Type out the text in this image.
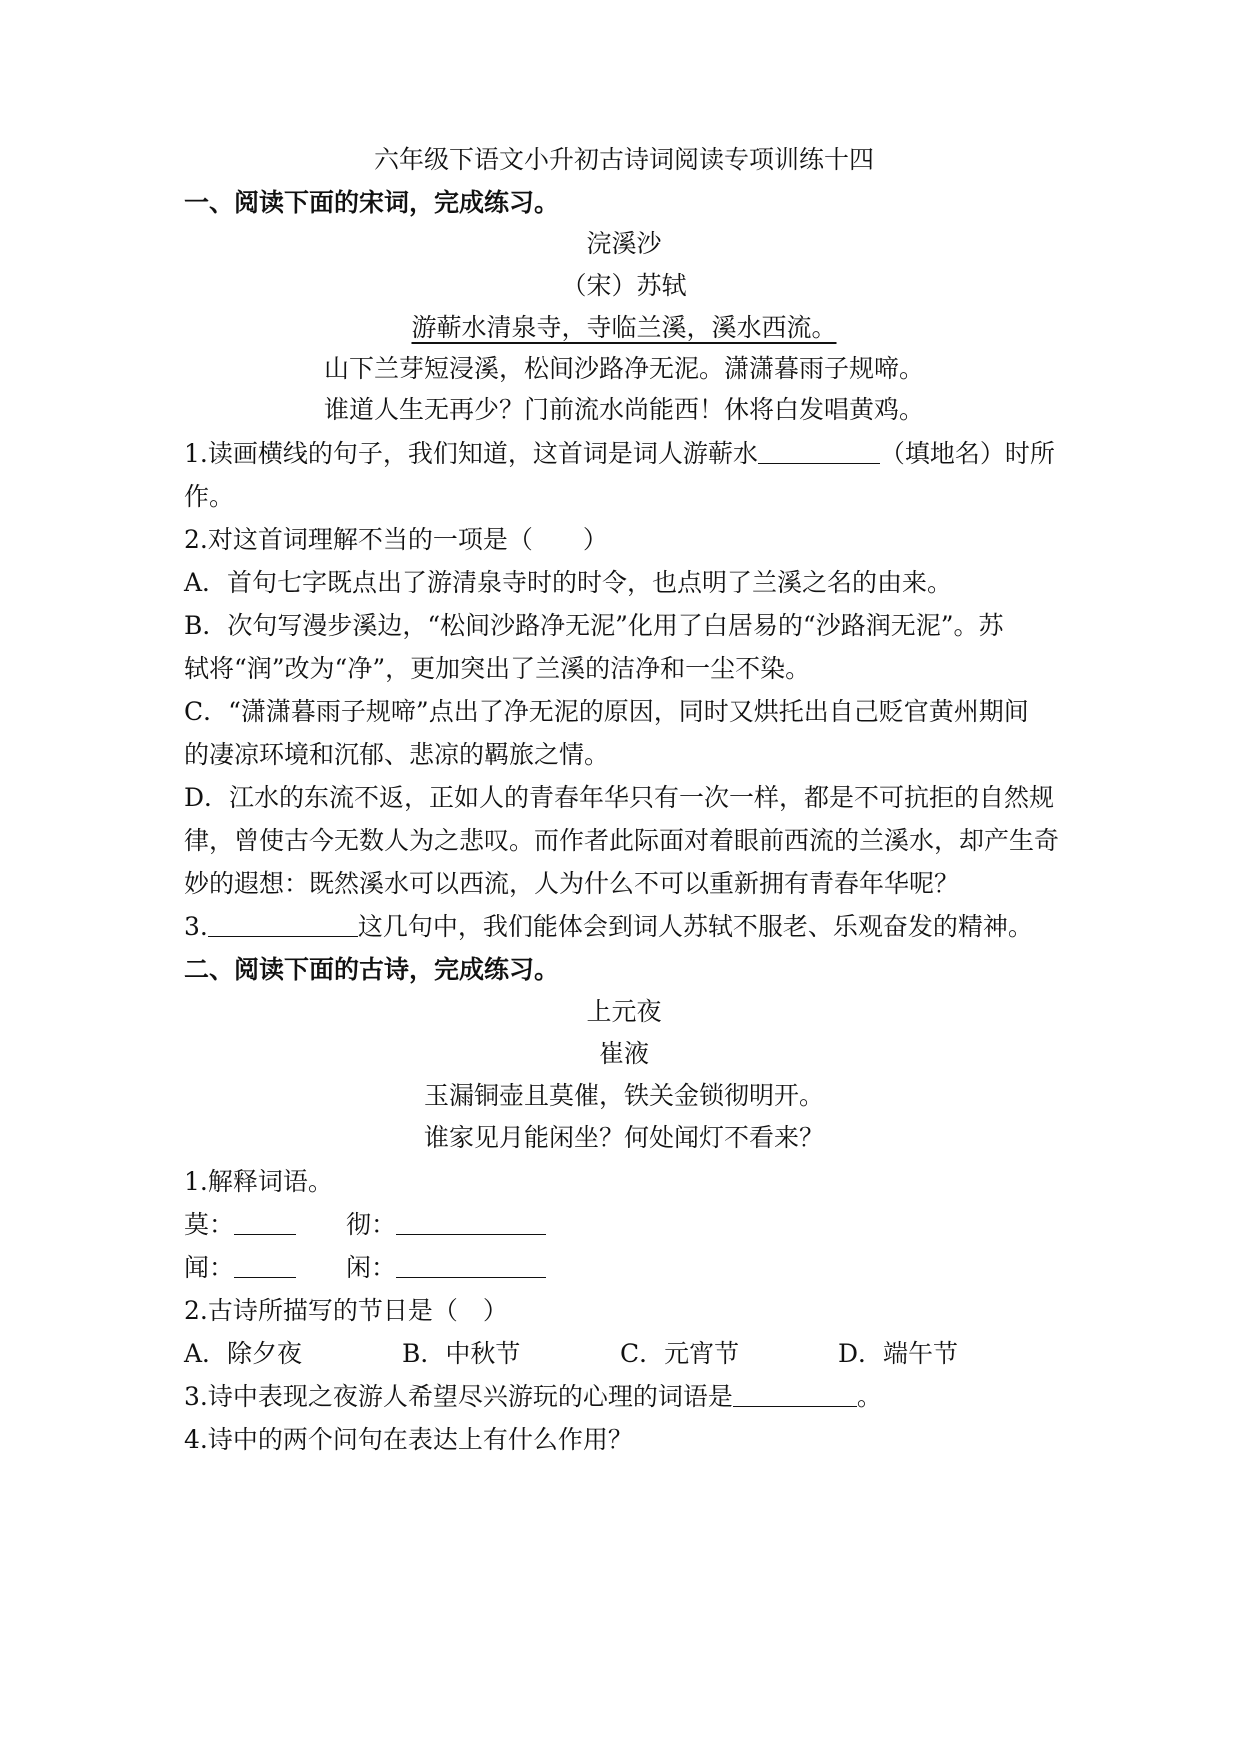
六年级下语文小升初古诗词阅读专项训练十四
一、阅读下面的宋词，完成练习。
浣溪沙
（宋）苏轼
游蕲水清泉寺，寺临兰溪，溪水西流。
山下兰芽短浸溪，松间沙路净无泥。潇潇暮雨子规啼。
谁道人生无再少？门前流水尚能西！休将白发唱黄鸡。
1.读画横线的句子，我们知道，这首词是词人游蕲水	（填地名）时所
作。
2.对这首词理解不当的一项是（　　）
A．首句七字既点出了游清泉寺时的时令，也点明了兰溪之名的由来。
B．次句写漫步溪边，“松间沙路净无泥”化用了白居易的“沙路润无泥”。苏
轼将“润”改为“净”，更加突出了兰溪的洁净和一尘不染。
C．“潇潇暮雨子规啼”点出了净无泥的原因，同时又烘托出自己贬官黄州期间
的凄凉环境和沉郁、悲凉的羁旅之情。
D．江水的东流不返，正如人的青春年华只有一次一样，都是不可抗拒的自然规
律，曾使古今无数人为之悲叹。而作者此际面对着眼前西流的兰溪水，却产生奇
妙的遐想：既然溪水可以西流，人为什么不可以重新拥有青春年华呢？
3.	这几句中，我们能体会到词人苏轼不服老、乐观奋发的精神。
二、阅读下面的古诗，完成练习。
上元夜
崔液
玉漏铜壶且莫催，铁关金锁彻明开。
谁家见月能闲坐？何处闻灯不看来？
1.解释词语。
莫：	彻：
闻：	闲：
2.古诗所描写的节日是（　）
A．除夕夜	B．中秋节	C．元宵节	D．端午节
3.诗中表现之夜游人希望尽兴游玩的心理的词语是	。
4.诗中的两个问句在表达上有什么作用？
